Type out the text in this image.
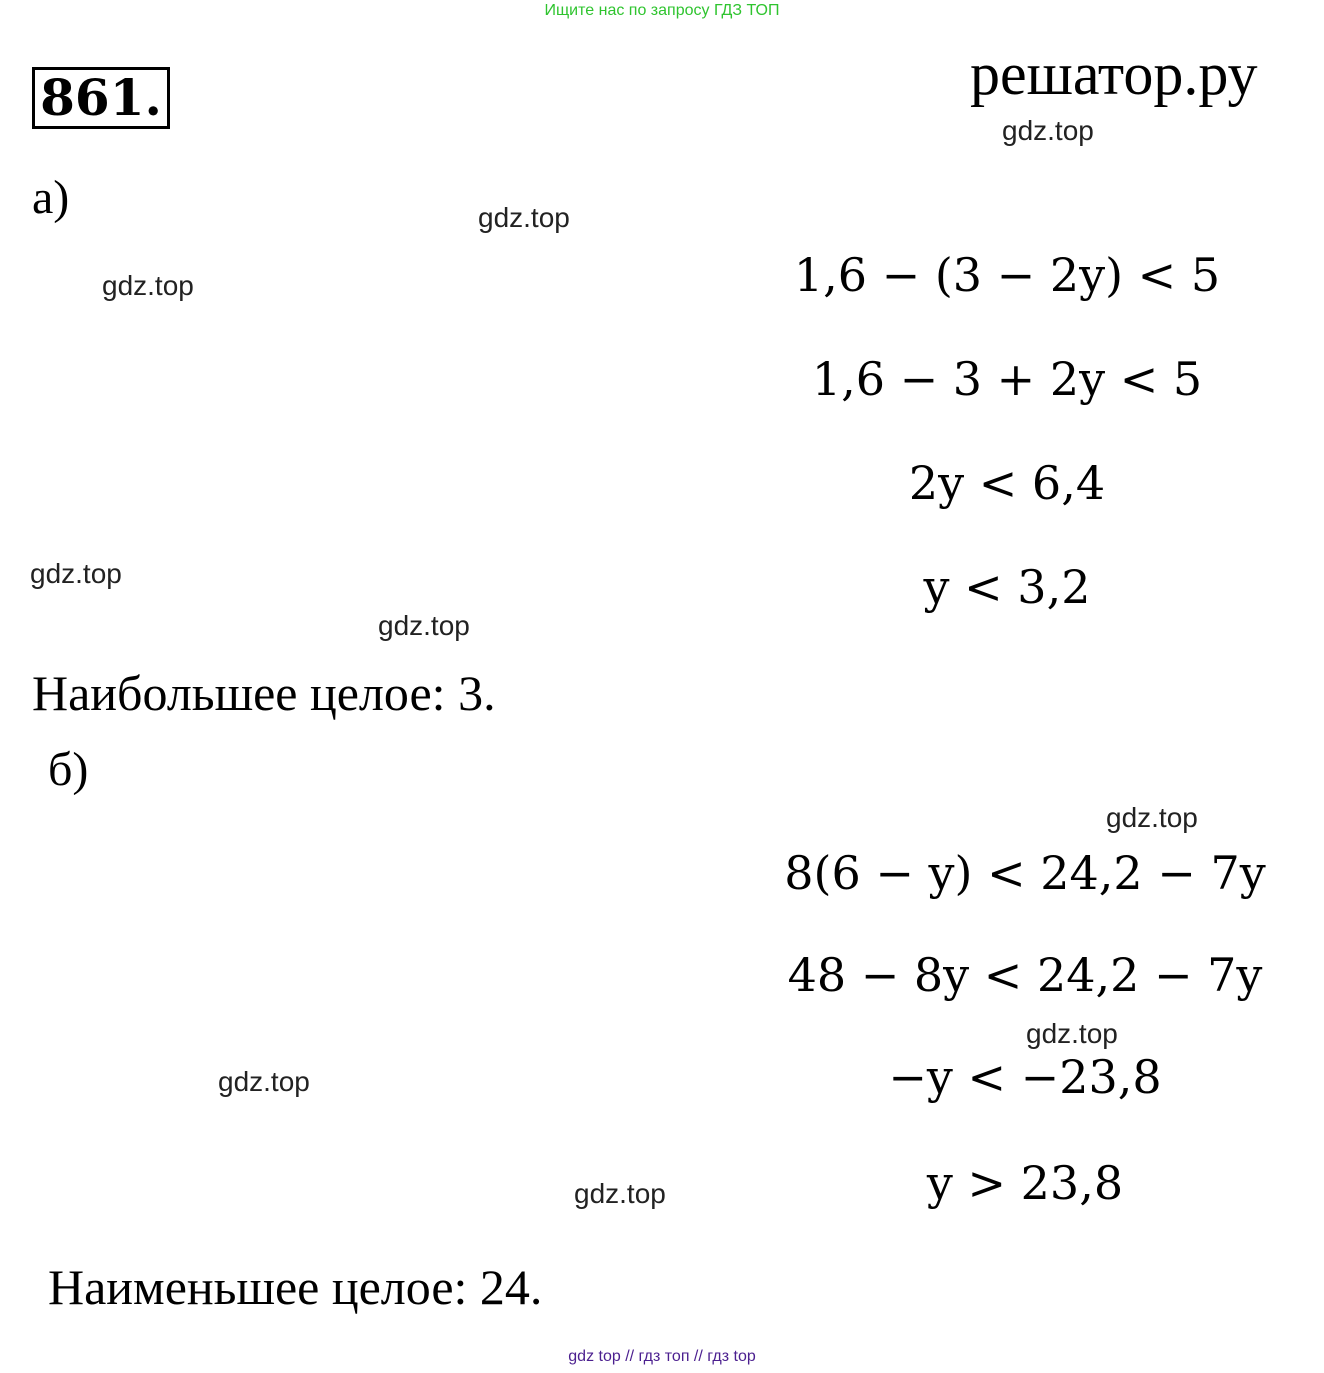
Ищите нас по запросу ГДЗ ТОП
861.	решатор.ру
gdz.top
gdz.top
gdz.top
gdz.top
gdz.top
gdz.top
gdz.top
gdz.top
gdz.top
а)
1,6 − (3 − 2y) < 5
1,6 − 3 + 2y < 5
2y < 6,4
y < 3,2
Наибольшее целое: 3.
б)
8(6 − y) < 24,2 − 7y
48 − 8y < 24,2 − 7y
−y < −23,8
y > 23,8
Наименьшее целое: 24.
gdz top // гдз топ // гдз top
